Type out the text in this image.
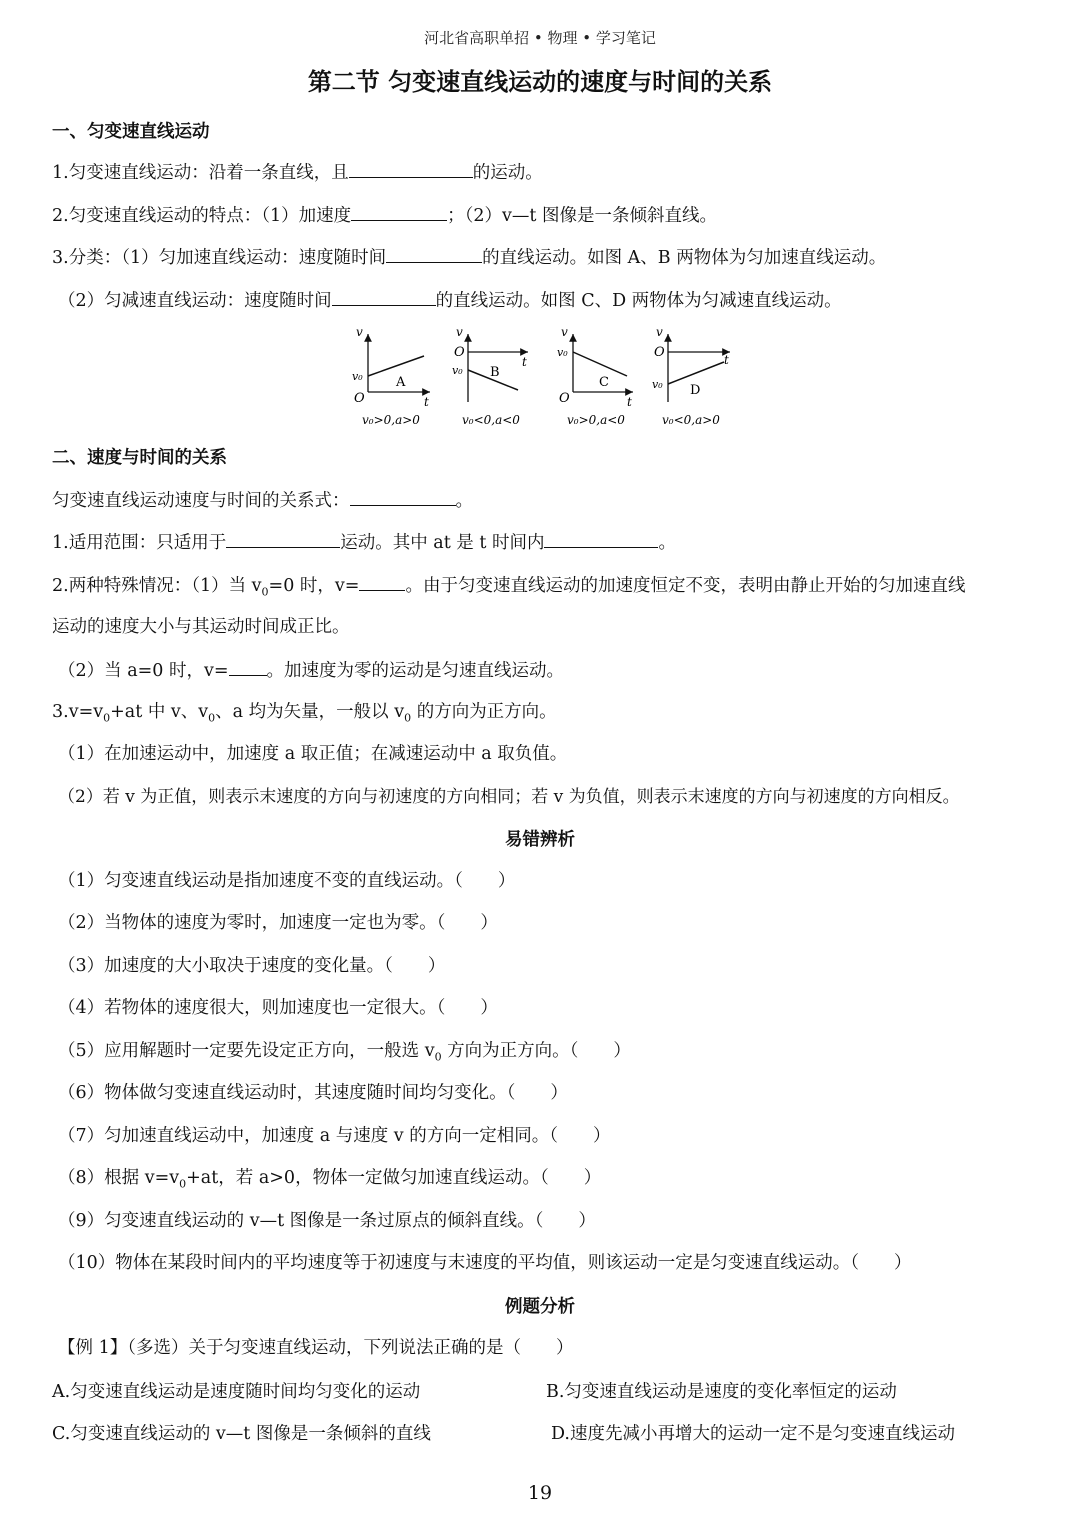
河北省高职单招 • 物理 • 学习笔记
第二节 匀变速直线运动的速度与时间的关系
一、匀变速直线运动
1.匀变速直线运动：沿着一条直线，且	的运动。
2.匀变速直线运动的特点：（1）加速度	；（2）v—t 图像是一条倾斜直线。
3.分类：（1）匀加速直线运动：速度随时间	的直线运动。如图 A、B 两物体为匀加速直线运动。
（2）匀减速直线运动：速度随时间	的直线运动。如图 C、D 两物体为匀减速直线运动。
v
v₀
O	t
A
v₀>0,a>0
v
O
v₀
t
B
v₀<0,a<0
v
v₀
O	t
C
v₀>0,a<0
v
O	t
v₀ D
v₀<0,a>0
二、速度与时间的关系
匀变速直线运动速度与时间的关系式：	。
1.适用范围：只适用于	运动。其中 at 是 t 时间内	。
2.两种特殊情况：（1）当 $v_0=0$ 时，v=	。由于匀变速直线运动的加速度恒定不变，表明由静止开始的匀加速直线
运动的速度大小与其运动时间成正比。
（2）当 a=0 时，v= 。加速度为零的运动是匀速直线运动。
$3.v=v_0+at$ 中 v、$v_0$、a 均为矢量，一般以 $v_0$ 的方向为正方向。
（1）在加速运动中，加速度 a 取正值；在减速运动中 a 取负值。
（2）若 v 为正值，则表示末速度的方向与初速度的方向相同；若 v 为负值，则表示末速度的方向与初速度的方向相反。
易错辨析
（1）匀变速直线运动是指加速度不变的直线运动。（　　）
（2）当物体的速度为零时，加速度一定也为零。（　　）
（3）加速度的大小取决于速度的变化量。（　　）
（4）若物体的速度很大，则加速度也一定很大。（　　）
（5）应用解题时一定要先设定正方向，一般选 $v_0$ 方向为正方向。（　　）
（6）物体做匀变速直线运动时，其速度随时间均匀变化。（　　）
（7）匀加速直线运动中，加速度 a 与速度 v 的方向一定相同。（　　）
（8）根据 $v=v_0+at$，若 a>0，物体一定做匀加速直线运动。（　　）
（9）匀变速直线运动的 v—t 图像是一条过原点的倾斜直线。（　　）
（10）物体在某段时间内的平均速度等于初速度与末速度的平均值，则该运动一定是匀变速直线运动。（　　）
例题分析
【例 1】（多选）关于匀变速直线运动，下列说法正确的是（　　）
A.匀变速直线运动是速度随时间均匀变化的运动	B.匀变速直线运动是速度的变化率恒定的运动
C.匀变速直线运动的 v—t 图像是一条倾斜的直线	D.速度先减小再增大的运动一定不是匀变速直线运动
19
